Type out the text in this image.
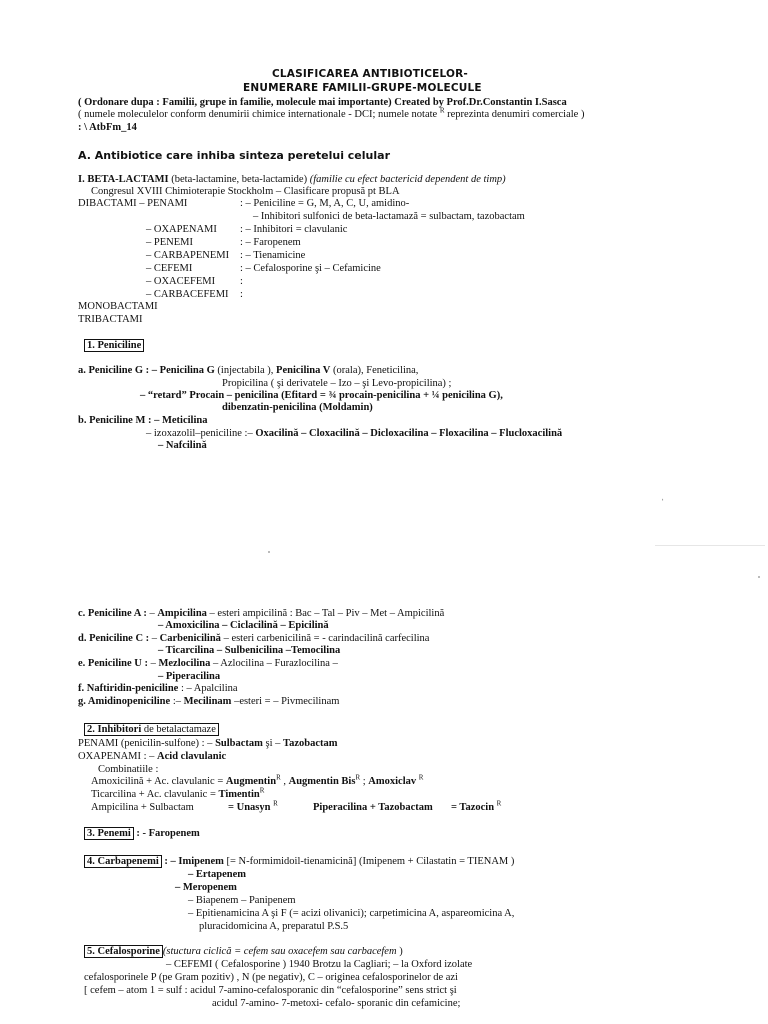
CLASIFICAREA ANTIBIOTICELOR-
ENUMERARE FAMILII-GRUPE-MOLECULE
( Ordonare dupa : Familii, grupe in familie, molecule mai importante) Created by Prof.Dr.Constantin I.Sasca
( numele moleculelor conform denumirii chimice internationale - DCI; numele notate $^R$ reprezinta denumiri comerciale )
: \ AtbFm_14
A. Antibiotice care inhiba sinteza peretelui celular
I. BETA-LACTAMI (beta-lactamine, beta-lactamide) (familie cu efect bactericid dependent de timp)
Congresul XVIII Chimioterapie Stockholm – Clasificare propusă pt BLA
DIBACTAMI – PENAMI	: – Peniciline = G, M, A, C, U, amidino-
– Inhibitori sulfonici de beta-lactamază = sulbactam, tazobactam
– OXAPENAMI : – Inhibitori = clavulanic
– PENEMI	: – Faropenem
– CARBAPENEMI : – Tienamicine
– CEFEMI	: – Cefalosporine şi – Cefamicine
– OXACEFEMI :
– CARBACEFEMI :
MONOBACTAMI
TRIBACTAMI
1. Peniciline
a. Peniciline G : – Penicilina G (injectabila ), Penicilina V (orala), Feneticilina,
Propicilina ( şi derivatele – Izo – şi Levo-propicilina) ;
– “retard” Procain – penicilina (Efitard = ¾ procain-penicilina + ¼ penicilina G),
dibenzatin-penicilina (Moldamin)
b. Peniciline M : – Meticilina
– izoxazolil–peniciline :– Oxacilină – Cloxacilină – Dicloxacilina – Floxacilina – Flucloxacilină
– Nafcilină
ˈ
c. Peniciline A : – Ampicilina – esteri ampicilină : Bac – Tal – Piv – Met – Ampicilină
– Amoxicilina – Ciclacilină – Epicilină
d. Peniciline C : – Carbenicilină – esteri carbenicilină = - carindacilină carfecilina
– Ticarcilina – Sulbenicilina –Temocilina
e. Peniciline U : – Mezlocilina – Azlocilina – Furazlocilina –
– Piperacilina
f. Naftiridin-peniciline : – Apalcilina
g. Amidinopeniciline :– Mecilinam –esteri = – Pivmecilinam
2. Inhibitori de betalactamaze
PENAMI (penicilin-sulfone) : – Sulbactam şi – Tazobactam
OXAPENAMI : – Acid clavulanic
Combinatiile :
Amoxicilină + Ac. clavulanic = Augmentin$^R$ , Augmentin Bis$^R$ ; Amoxiclav $^R$
Ticarcilina + Ac. clavulanic = Timentin$^R$
Ampicilina + Sulbactam	= Unasyn $^R$	Piperacilina + Tazobactam = Tazocin $^R$
3. Penemi : - Faropenem
4. Carbapenemi : – Imipenem [= N-formimidoil-tienamicină] (Imipenem + Cilastatin = TIENAM )
– Ertapenem
– Meropenem
– Biapenem – Panipenem
– Epitienamicina A şi F (= acizi olivanici); carpetimicina A, aspareomicina A,
pluracidomicina A, preparatul P.S.5
5. Cefalosporine (stuctura ciclică = cefem sau oxacefem sau carbacefem )
– CEFEMI ( Cefalosporine ) 1940 Brotzu la Cagliari; – la Oxford izolate
cefalosporinele P (pe Gram pozitiv) , N (pe negativ), C – originea cefalosporinelor de azi
[ cefem – atom 1 = sulf : acidul 7-amino-cefalosporanic din “cefalosporine” sens strict şi
acidul 7-amino- 7-metoxi- cefalo- sporanic din cefamicine;
